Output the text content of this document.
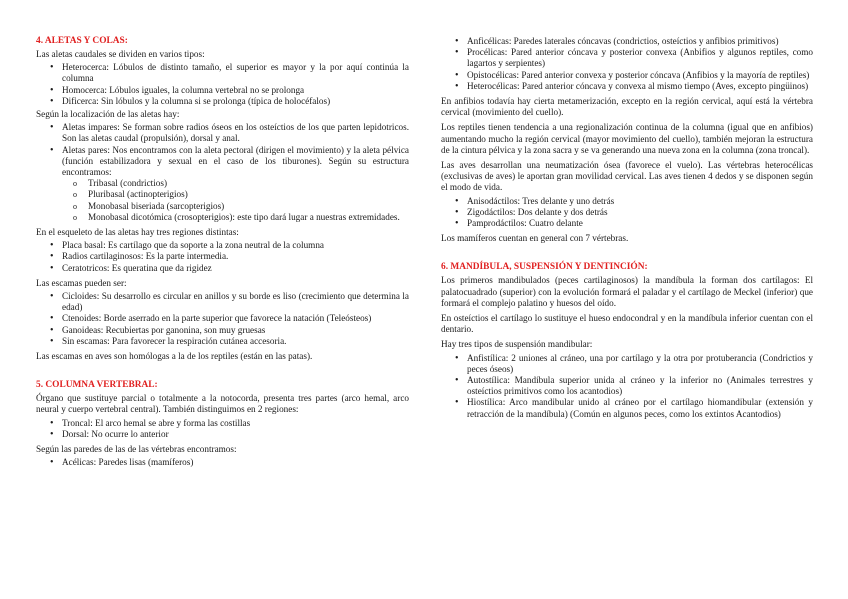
4. ALETAS Y COLAS:

Las aletas caudales se dividen en varios tipos:

• Heterocerca: Lóbulos de distinto tamaño, el superior es mayor y la por aquí continúa la columna
• Homocerca: Lóbulos iguales, la columna vertebral no se prolonga
• Dificerca: Sin lóbulos y la columna si se prolonga (típica de holocéfalos)

Según la localización de las aletas hay:

• Aletas impares: Se forman sobre radios óseos en los osteíctios de los que parten lepidotricos. Son las aletas caudal (propulsión), dorsal y anal.
• Aletas pares: Nos encontramos con la aleta pectoral (dirigen el movimiento) y la aleta pélvica (función estabilizadora y sexual en el caso de los tiburones). Según su estructura encontramos:
o Tribasal (condrictios)
o Pluribasal (actinopterigios)
o Monobasal biseriada (sarcopterigios)
o Monobasal dicotómica (crosopterigios): este tipo dará lugar a nuestras extremidades.

En el esqueleto de las aletas hay tres regiones distintas:

• Placa basal: Es cartílago que da soporte a la zona neutral de la columna
• Radios cartilaginosos: Es la parte intermedia.
• Ceratotricos: Es queratina que da rigidez

Las escamas pueden ser:

• Cicloides: Su desarrollo es circular en anillos y su borde es liso (crecimiento que determina la edad)
• Ctenoides: Borde aserrado en la parte superior que favorece la natación (Teleósteos)
• Ganoideas: Recubiertas por ganonina, son muy gruesas
• Sin escamas: Para favorecer la respiración cutánea accesoria.

Las escamas en aves son homólogas a la de los reptiles (están en las patas).

5. COLUMNA VERTEBRAL:

Órgano que sustituye parcial o totalmente a la notocorda, presenta tres partes (arco hemal, arco neural y cuerpo vertebral central). También distinguimos en 2 regiones:

• Troncal: El arco hemal se abre y forma las costillas
• Dorsal: No ocurre lo anterior

Según las paredes de las de las vértebras encontramos:

• Acélicas: Paredes lisas (mamíferos)
• Anficélicas: Paredes laterales cóncavas (condrictios, osteíctios y anfibios primitivos)
• Procélicas: Pared anterior cóncava y posterior convexa (Anbifios y algunos reptiles, como lagartos y serpientes)
• Opistocélicas: Pared anterior convexa y posterior cóncava (Anfibios y la mayoría de reptiles)
• Heterocélicas: Pared anterior cóncava y convexa al mismo tiempo (Aves, excepto pingüinos)

En anfibios todavía hay cierta metamerización, excepto en la región cervical, aquí está la vértebra cervical (movimiento del cuello).

Los reptiles tienen tendencia a una regionalización continua de la columna (igual que en anfibios) aumentando mucho la región cervical (mayor movimiento del cuello), también mejoran la estructura de la cintura pélvica y la zona sacra y se va generando una nueva zona en la columna (zona troncal).

Las aves desarrollan una neumatización ósea (favorece el vuelo). Las vértebras heterocélicas (exclusivas de aves) le aportan gran movilidad cervical. Las aves tienen 4 dedos y se disponen según el modo de vida.

• Anisodáctilos: Tres delante y uno detrás
• Zigodáctilos: Dos delante y dos detrás
• Pamprodáctilos: Cuatro delante

Los mamíferos cuentan en general con 7 vértebras.

6. MANDÍBULA, SUSPENSIÓN Y DENTINCIÓN:

Los primeros mandibulados (peces cartilaginosos) la mandíbula la forman dos cartílagos: El palatocuadrado (superior) con la evolución formará el paladar y el cartílago de Meckel (inferior) que formará el complejo palatino y huesos del oído.

En osteíctios el cartílago lo sustituye el hueso endocondral y en la mandíbula inferior cuentan con el dentario.

Hay tres tipos de suspensión mandibular:

• Anfistílica: 2 uniones al cráneo, una por cartílago y la otra por protuberancia (Condrictios y peces óseos)
• Autostílica: Mandíbula superior unida al cráneo y la inferior no (Animales terrestres y osteíctios primitivos como los acantodios)
• Hiostílica: Arco mandibular unido al cráneo por el cartílago hiomandibular (extensión y retracción de la mandíbula) (Común en algunos peces, como los extintos Acantodios)
